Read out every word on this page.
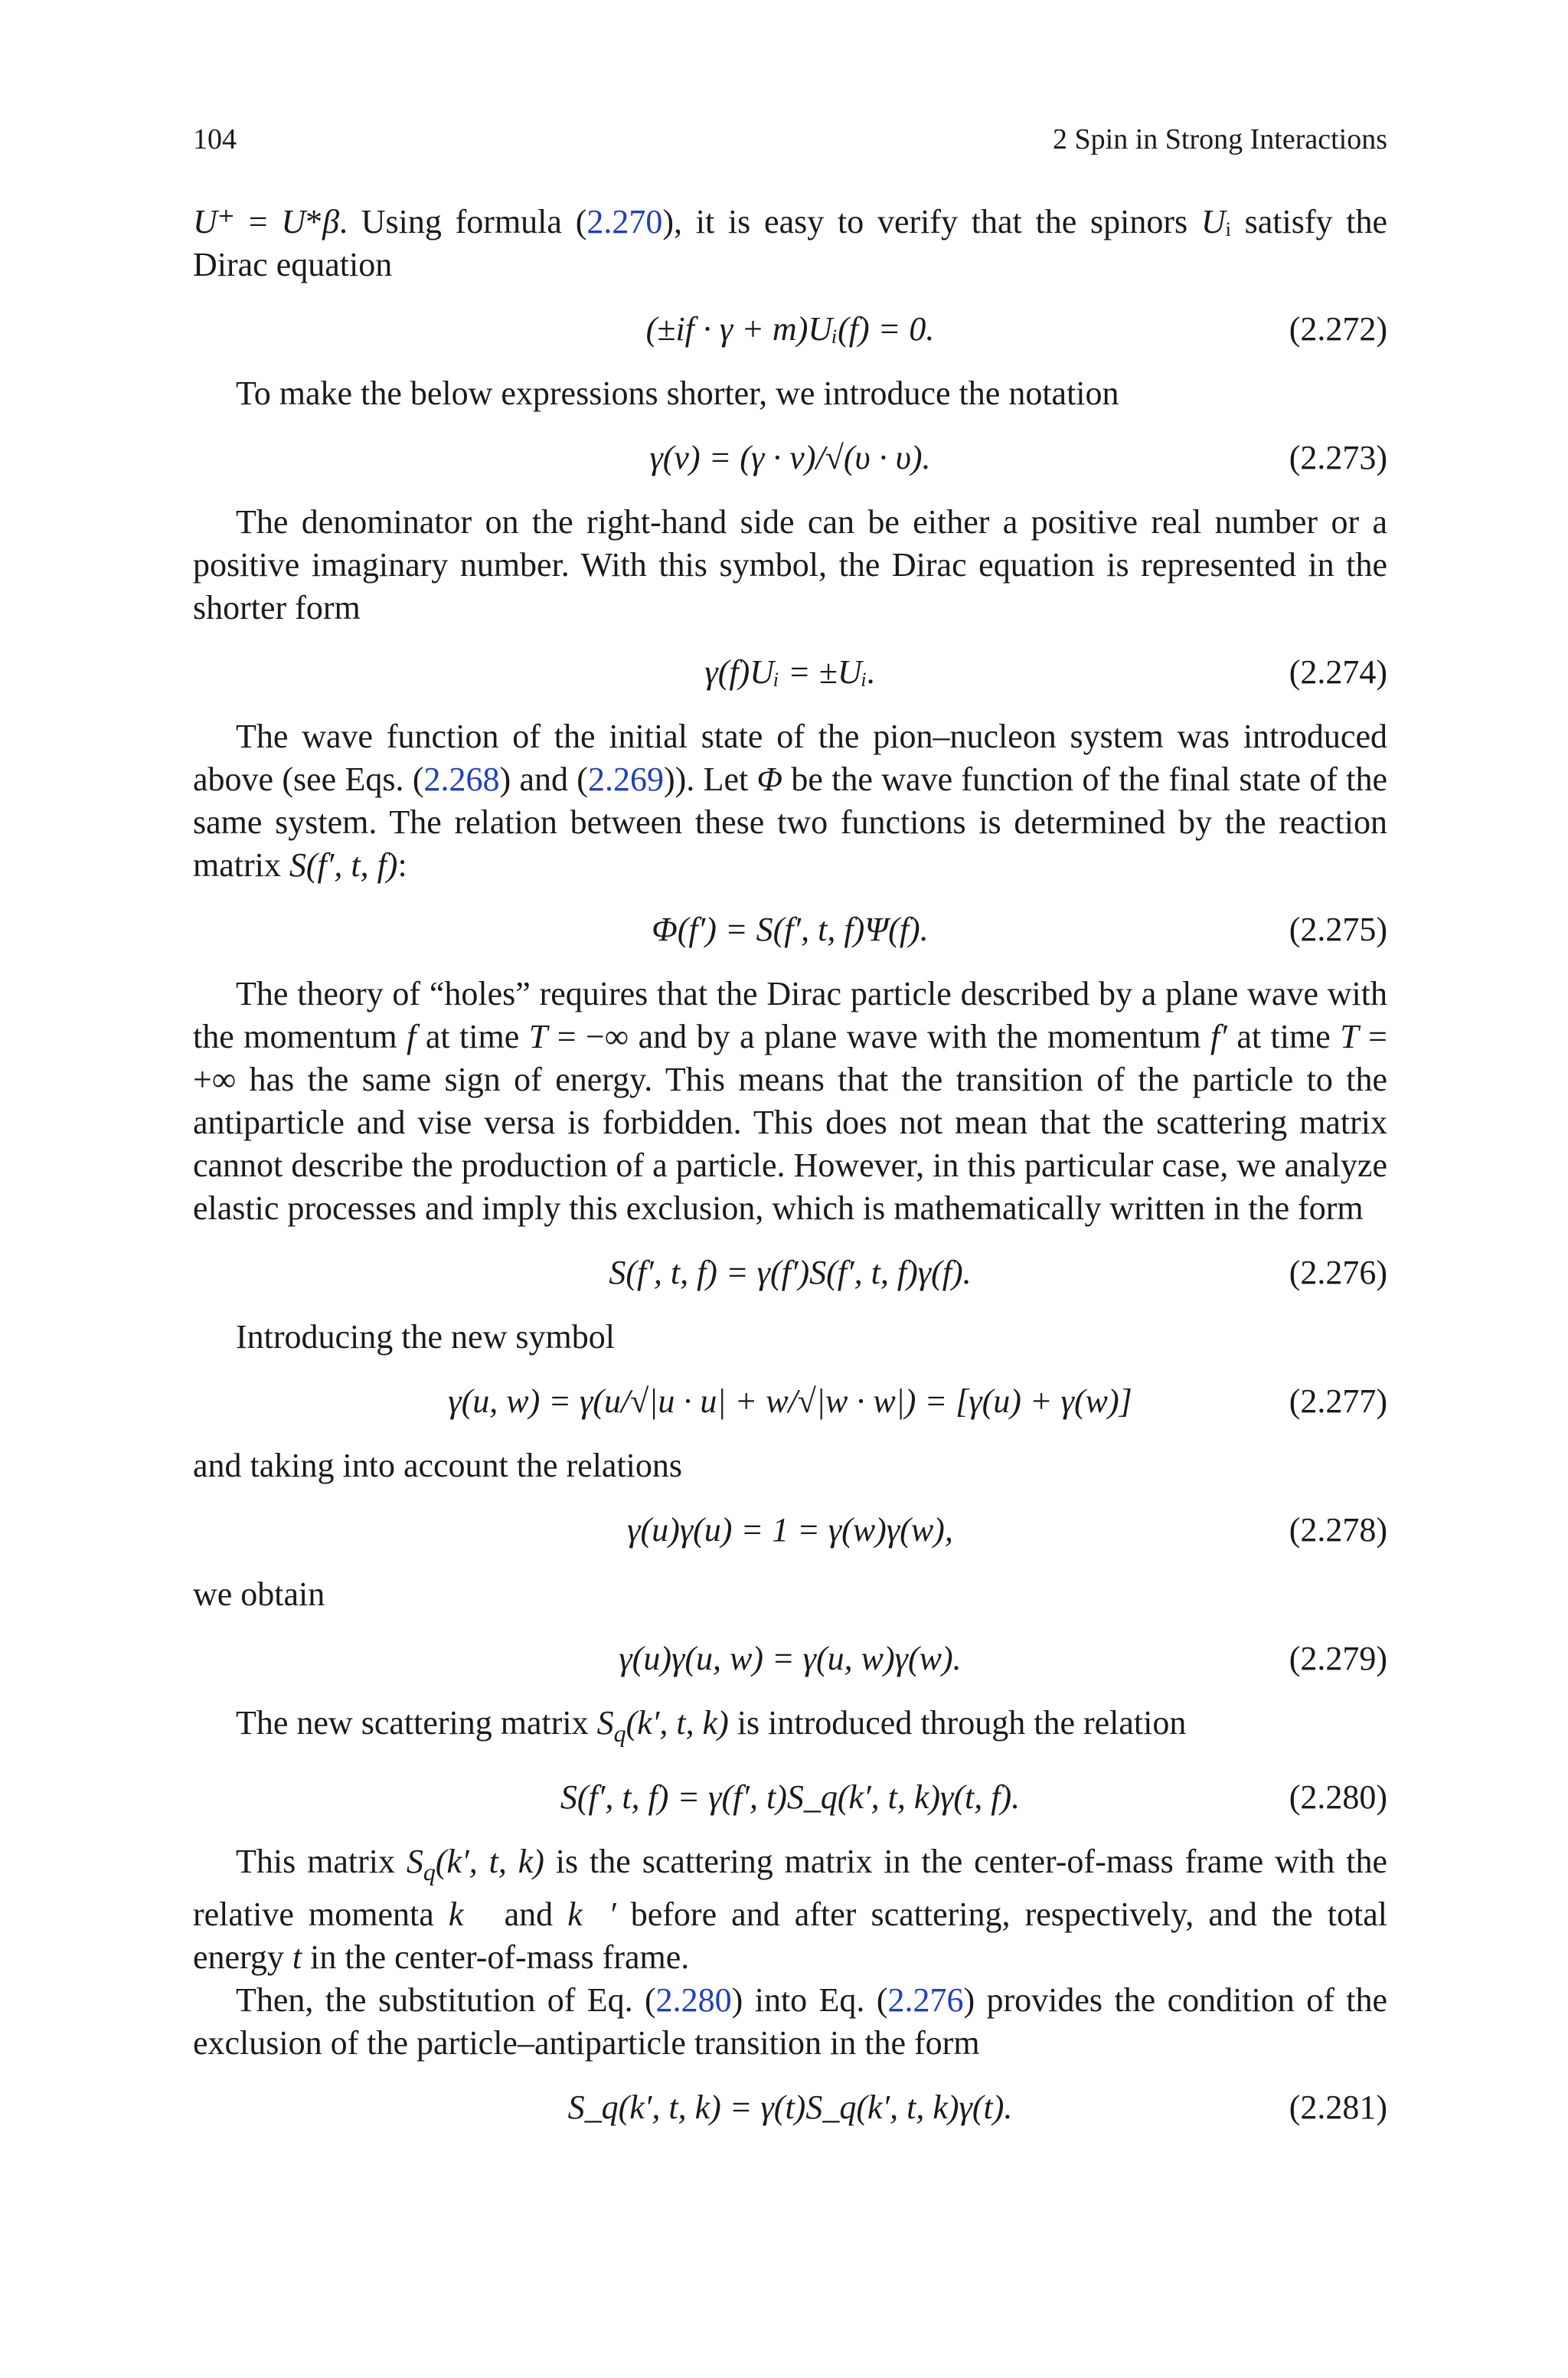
104	2 Spin in Strong Interactions

U⁺ = U*β. Using formula (2.270), it is easy to verify that the spinors Uᵢ satisfy the Dirac equation

(±if · γ + m)Uᵢ(f) = 0.	(2.272)

To make the below expressions shorter, we introduce the notation

γ(ν) = (γ · ν)/√(υ · υ).	(2.273)

The denominator on the right-hand side can be either a positive real number or a positive imaginary number. With this symbol, the Dirac equation is represented in the shorter form

γ(f)Uᵢ = ±Uᵢ.	(2.274)

The wave function of the initial state of the pion–nucleon system was introduced above (see Eqs. (2.268) and (2.269)). Let Φ be the wave function of the final state of the same system. The relation between these two functions is determined by the reaction matrix S(f′, t, f):

Φ(f′) = S(f′, t, f)Ψ(f).	(2.275)

The theory of “holes” requires that the Dirac particle described by a plane wave with the momentum f at time T = −∞ and by a plane wave with the momentum f′ at time T = +∞ has the same sign of energy. This means that the transition of the particle to the antiparticle and vise versa is forbidden. This does not mean that the scattering matrix cannot describe the production of a particle. However, in this particular case, we analyze elastic processes and imply this exclusion, which is mathematically written in the form

S(f′, t, f) = γ(f′)S(f′, t, f)γ(f).	(2.276)

Introducing the new symbol

γ(u, w) = γ(u/√|u · u| + w/√|w · w|) = [γ(u) + γ(w)]	(2.277)

and taking into account the relations

γ(u)γ(u) = 1 = γ(w)γ(w),	(2.278)

we obtain

γ(u)γ(u, w) = γ(u, w)γ(w).	(2.279)

The new scattering matrix $S_q(k'$, t, k) is introduced through the relation

S(f′, t, f) = γ(f′, t)S_q(k′, t, k)γ(t, f).	(2.280)

This matrix $S_q(k'$, t, k) is the scattering matrix in the center-of-mass frame with the relative momenta k⃗ and k⃗′ before and after scattering, respectively, and the total energy t in the center-of-mass frame.

Then, the substitution of Eq. (2.280) into Eq. (2.276) provides the condition of the exclusion of the particle–antiparticle transition in the form

S_q(k′, t, k) = γ(t)S_q(k′, t, k)γ(t).	(2.281)
